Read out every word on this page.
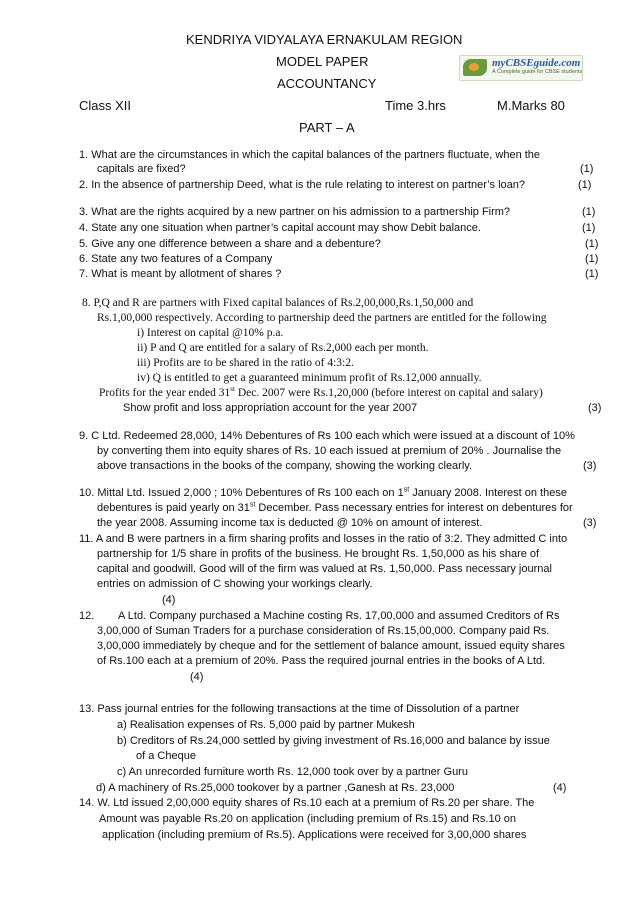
KENDRIYA VIDYALAYA ERNAKULAM REGION
MODEL PAPER
ACCOUNTANCY
Class XII	Time 3.hrs	M.Marks 80
PART – A
myCBSEguide.com
A Complete guide for CBSE students
1. What are the circumstances in which the capital balances of the partners fluctuate, when the
capitals are fixed?	(1)
2. In the absence of partnership Deed, what is the rule relating to interest on partner’s loan?	(1)
3. What are the rights acquired by a new partner on his admission to a partnership Firm?	(1)
4. State any one situation when partner’s capital account may show Debit balance.	(1)
5. Give any one difference between a share and a debenture?	(1)
6. State any two features of a Company	(1)
7. What is meant by allotment of shares ?	(1)
8. P,Q and R are partners with Fixed capital balances of Rs.2,00,000,Rs.1,50,000 and
Rs.1,00,000 respectively. According to partnership deed the partners are entitled for the following
i) Interest on capital @10% p.a.
ii) P and Q are entitled for a salary of Rs.2,000 each per month.
iii) Profits are to be shared in the ratio of 4:3:2.
iv) Q is entitled to get a guaranteed minimum profit of Rs.12,000 annually.
Profits for the year ended 31st Dec. 2007 were Rs.1,20,000 (before interest on capital and salary)
Show profit and loss appropriation account for the year 2007	(3)
9. C Ltd. Redeemed 28,000, 14% Debentures of Rs 100 each which were issued at a discount of 10%
by converting them into equity shares of Rs. 10 each issued at premium of 20% . Journalise the
above transactions in the books of the company, showing the working clearly.	(3)
10. Mittal Ltd. Issued 2,000 ; 10% Debentures of Rs 100 each on 1st January 2008. Interest on these
debentures is paid yearly on 31st December. Pass necessary entries for interest on debentures for
the year 2008. Assuming income tax is deducted @ 10% on amount of interest.	(3)
11. A and B were partners in a firm sharing profits and losses in the ratio of 3:2. They admitted C into
partnership for 1/5 share in profits of the business. He brought Rs. 1,50,000 as his share of
capital and goodwill. Good will of the firm was valued at Rs. 1,50,000. Pass necessary journal
entries on admission of C showing your workings clearly.
(4)
12. A Ltd. Company purchased a Machine costing Rs. 17,00,000 and assumed Creditors of Rs
3,00,000 of Suman Traders for a purchase consideration of Rs.15,00,000. Company paid Rs.
3,00,000 immediately by cheque and for the settlement of balance amount, issued equity shares
of Rs.100 each at a premium of 20%. Pass the required journal entries in the books of A Ltd.
(4)
13. Pass journal entries for the following transactions at the time of Dissolution of a partner
a) Realisation expenses of Rs. 5,000 paid by partner Mukesh
b) Creditors of Rs.24,000 settled by giving investment of Rs.16,000 and balance by issue
of a Cheque
c) An unrecorded furniture worth Rs. 12,000 took over by a partner Guru
d) A machinery of Rs.25,000 tookover by a partner ,Ganesh at Rs. 23,000	(4)
14. W. Ltd issued 2,00,000 equity shares of Rs.10 each at a premium of Rs.20 per share. The
Amount was payable Rs.20 on application (including premium of Rs.15) and Rs.10 on
application (including premium of Rs.5). Applications were received for 3,00,000 shares
